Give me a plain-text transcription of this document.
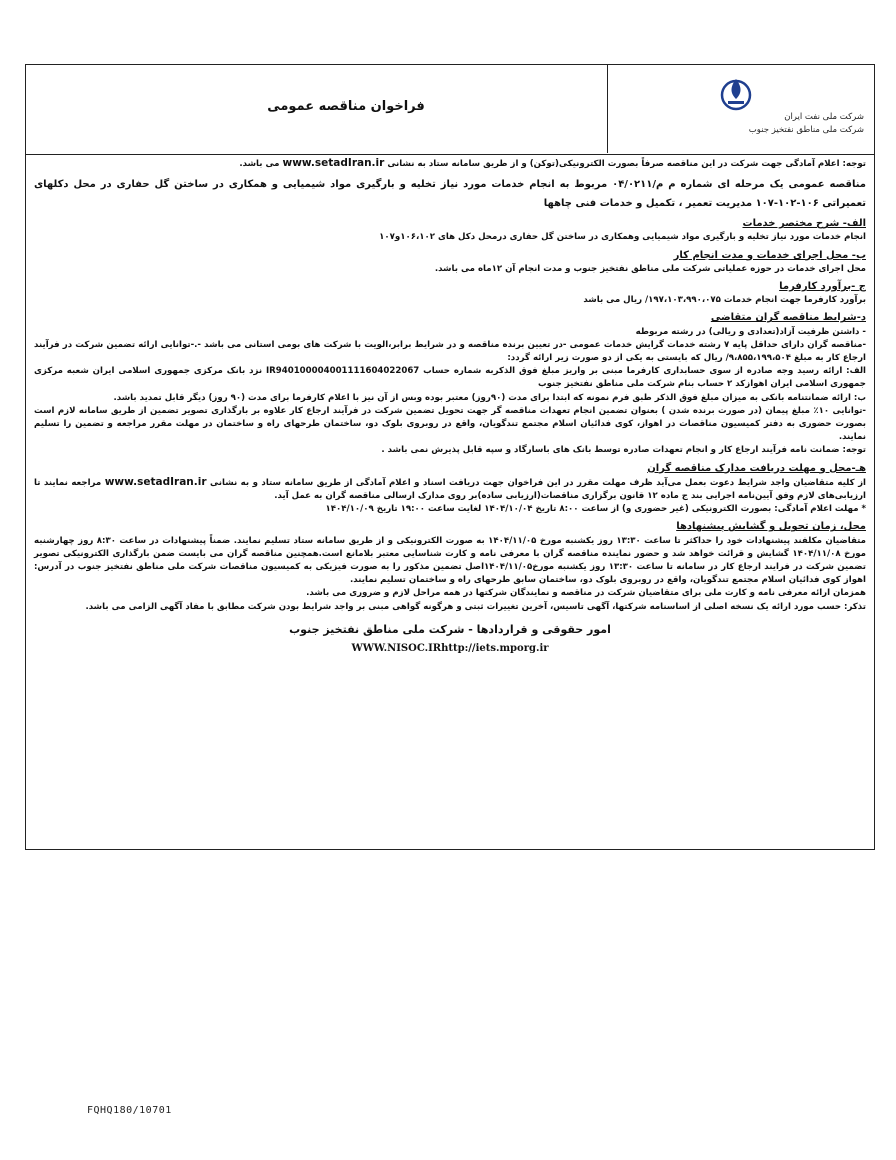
فراخوان مناقصه عمومی
شرکت ملی نفت ایران
شرکت ملی مناطق نفتخیز جنوب

توجه: اعلام آمادگی جهت شرکت در این مناقصه صرفاً بصورت الکترونیکی(توکن) و از طریق سامانه ستاد به نشانی www.setadIran.ir می باشد.

مناقصه عمومی یک مرحله ای شماره م م/۰۴/۰۲۱۱ مربوط به انجام خدمات مورد نیاز تخلیه و بارگیری مواد شیمیایی و همکاری در ساختن گل حفاری در محل دکلهای تعمیراتی ۱۰۶-۱۰۲-۱۰۷ مدیریت تعمیر ، تکمیل و خدمات فنی چاهها

الف- شرح مختصر خدمات

انجام خدمات مورد نیاز تخلیه و بارگیری مواد شیمیایی وهمکاری در ساختن گل حفاری درمحل دکل های ۱۰۶،۱۰۲و۱۰۷

ب- محل اجرای خدمات و مدت انجام کار

محل اجرای خدمات در حوزه عملیاتی شرکت ملی مناطق نفتخیز جنوب و مدت انجام آن ۱۲ماه می باشد.

ج -برآورد کارفرما

برآورد کارفرما جهت انجام خدمات ۱۹۷،۱۰۳،۹۹۰،۰۷۵/ ریال می باشد

د-شرایط مناقصه گران متقاضی

- داشتن ظرفیت آزاد(تعدادی و ریالی) در رشته مربوطه

-مناقصه گران دارای حداقل پایه ۷ رشته خدمات گرایش خدمات عمومی -در تعیین برنده مناقصه و در شرایط برابر،الویت با شرکت های بومی استانی می باشد -.-توانایی ارائه تضمین شرکت در فرآیند ارجاع کار به مبلغ ۹،۸۵۵،۱۹۹،۵۰۴/ ریال که بایستی به یکی از دو صورت زیر ارائه گردد:

الف: ارائه رسید وجه صادره از سوی حسابداری کارفرما مبنی بر واریز مبلغ فوق الذکربه شماره حساب IR940100004001111604022067 نزد بانک مرکزی جمهوری اسلامی ایران شعبه مرکزی جمهوری اسلامی ایران اهوازکد ۲ حساب بنام شرکت ملی مناطق نفتخیز جنوب

ب: ارائه ضمانتنامه بانکی به میزان مبلغ فوق الذکر طبق فرم نمونه که ابتدا برای مدت (۹۰روز) معتبر بوده وبس از آن نیز با اعلام کارفرما برای مدت (۹۰ روز) دیگر قابل تمدید باشد.

-توانایی ۱۰٪ مبلغ پیمان (در صورت برنده شدن ) بعنوان تضمین انجام تعهدات مناقصه گر جهت تحویل تضمین شرکت در فرآیند ارجاع کار علاوه بر بارگذاری تصویر تضمین از طریق سامانه لازم است بصورت حضوری به دفتر کمیسیون مناقصات در اهواز، کوی فدائیان اسلام مجتمع تندگویان، واقع در روبروی بلوک دو، ساختمان طرحهای راه و ساختمان در مهلت مقرر مراجعه و تضمین را تسلیم نمایند.

توجه: ضمانت نامه فرآیند ارجاع کار و انجام تعهدات صادره توسط بانک های باسارگاد و سپه قابل پذیرش نمی باشد .

هـ-محل و مهلت دریافت مدارک مناقصه گران

از کلیه متقاضیان واجد شرایط دعوت بعمل می‌آید ظرف مهلت مقرر در این فراخوان جهت دریافت اسناد و اعلام آمادگی از طریق سامانه ستاد و به نشانی www.setadIran.ir مراجعه نمایند تا ارزیابی‌های لازم وفق آیین‌نامه اجرایی بند ج ماده ۱۲ قانون برگزاری مناقصات(ارزیابی ساده)بر روی مدارک ارسالی مناقصه گران به عمل آید.

* مهلت اعلام آمادگی: بصورت الکترونیکی (غیر حضوری و) از ساعت ۸:۰۰ تاریخ ۱۴۰۴/۱۰/۰۴ لغایت ساعت ۱۹:۰۰ تاریخ ۱۴۰۴/۱۰/۰۹

محل، زمان تحویل و گشایش پیشنهادها

متقاضیان مکلفند پیشنهادات خود را حداکثر تا ساعت ۱۳:۳۰ روز یکشنبه مورخ ۱۴۰۴/۱۱/۰۵ به صورت الکترونیکی و از طریق سامانه ستاد تسلیم نمایند. ضمناً پیشنهادات در ساعت ۸:۳۰ روز چهارشنبه مورخ ۱۴۰۴/۱۱/۰۸ گشایش و قرائت خواهد شد و حضور نماینده مناقصه گران با معرفی نامه و کارت شناسایی معتبر بلامانع است.همچنین مناقصه گران می بایست ضمن بارگذاری الکترونیکی تصویر تضمین شرکت در فرایند ارجاع کار در سامانه تا ساعت ۱۳:۳۰ روز یکشنبه مورخ۱۴۰۴/۱۱/۰۵اصل تضمین مذکور را به صورت فیزیکی به کمیسیون مناقصات شرکت ملی مناطق نفتخیز جنوب در آدرس: اهواز کوی فدائیان اسلام مجتمع تندگویان، واقع در روبروی بلوک دو، ساختمان سابق طرحهای راه و ساختمان تسلیم نمایند.

همزمان ارائه معرفی نامه و کارت ملی برای متقاضیان شرکت در مناقصه و نمایندگان شرکتها در همه مراحل لازم و ضروری می باشد.

تذکر: حسب مورد ارائه یک نسخه اصلی از اساسنامه شرکتها، آگهی تاسیس، آخرین تغییرات ثبتی و هرگونه گواهی مبنی بر واجد شرایط بودن شرکت مطابق با مفاد آگهی الزامی می باشد.

امور حقوقی و قراردادها - شرکت ملی مناطق نفتخیز جنوب

WWW.NISOC.IRhttp://iets.mporg.ir

FQHQ180/10701
